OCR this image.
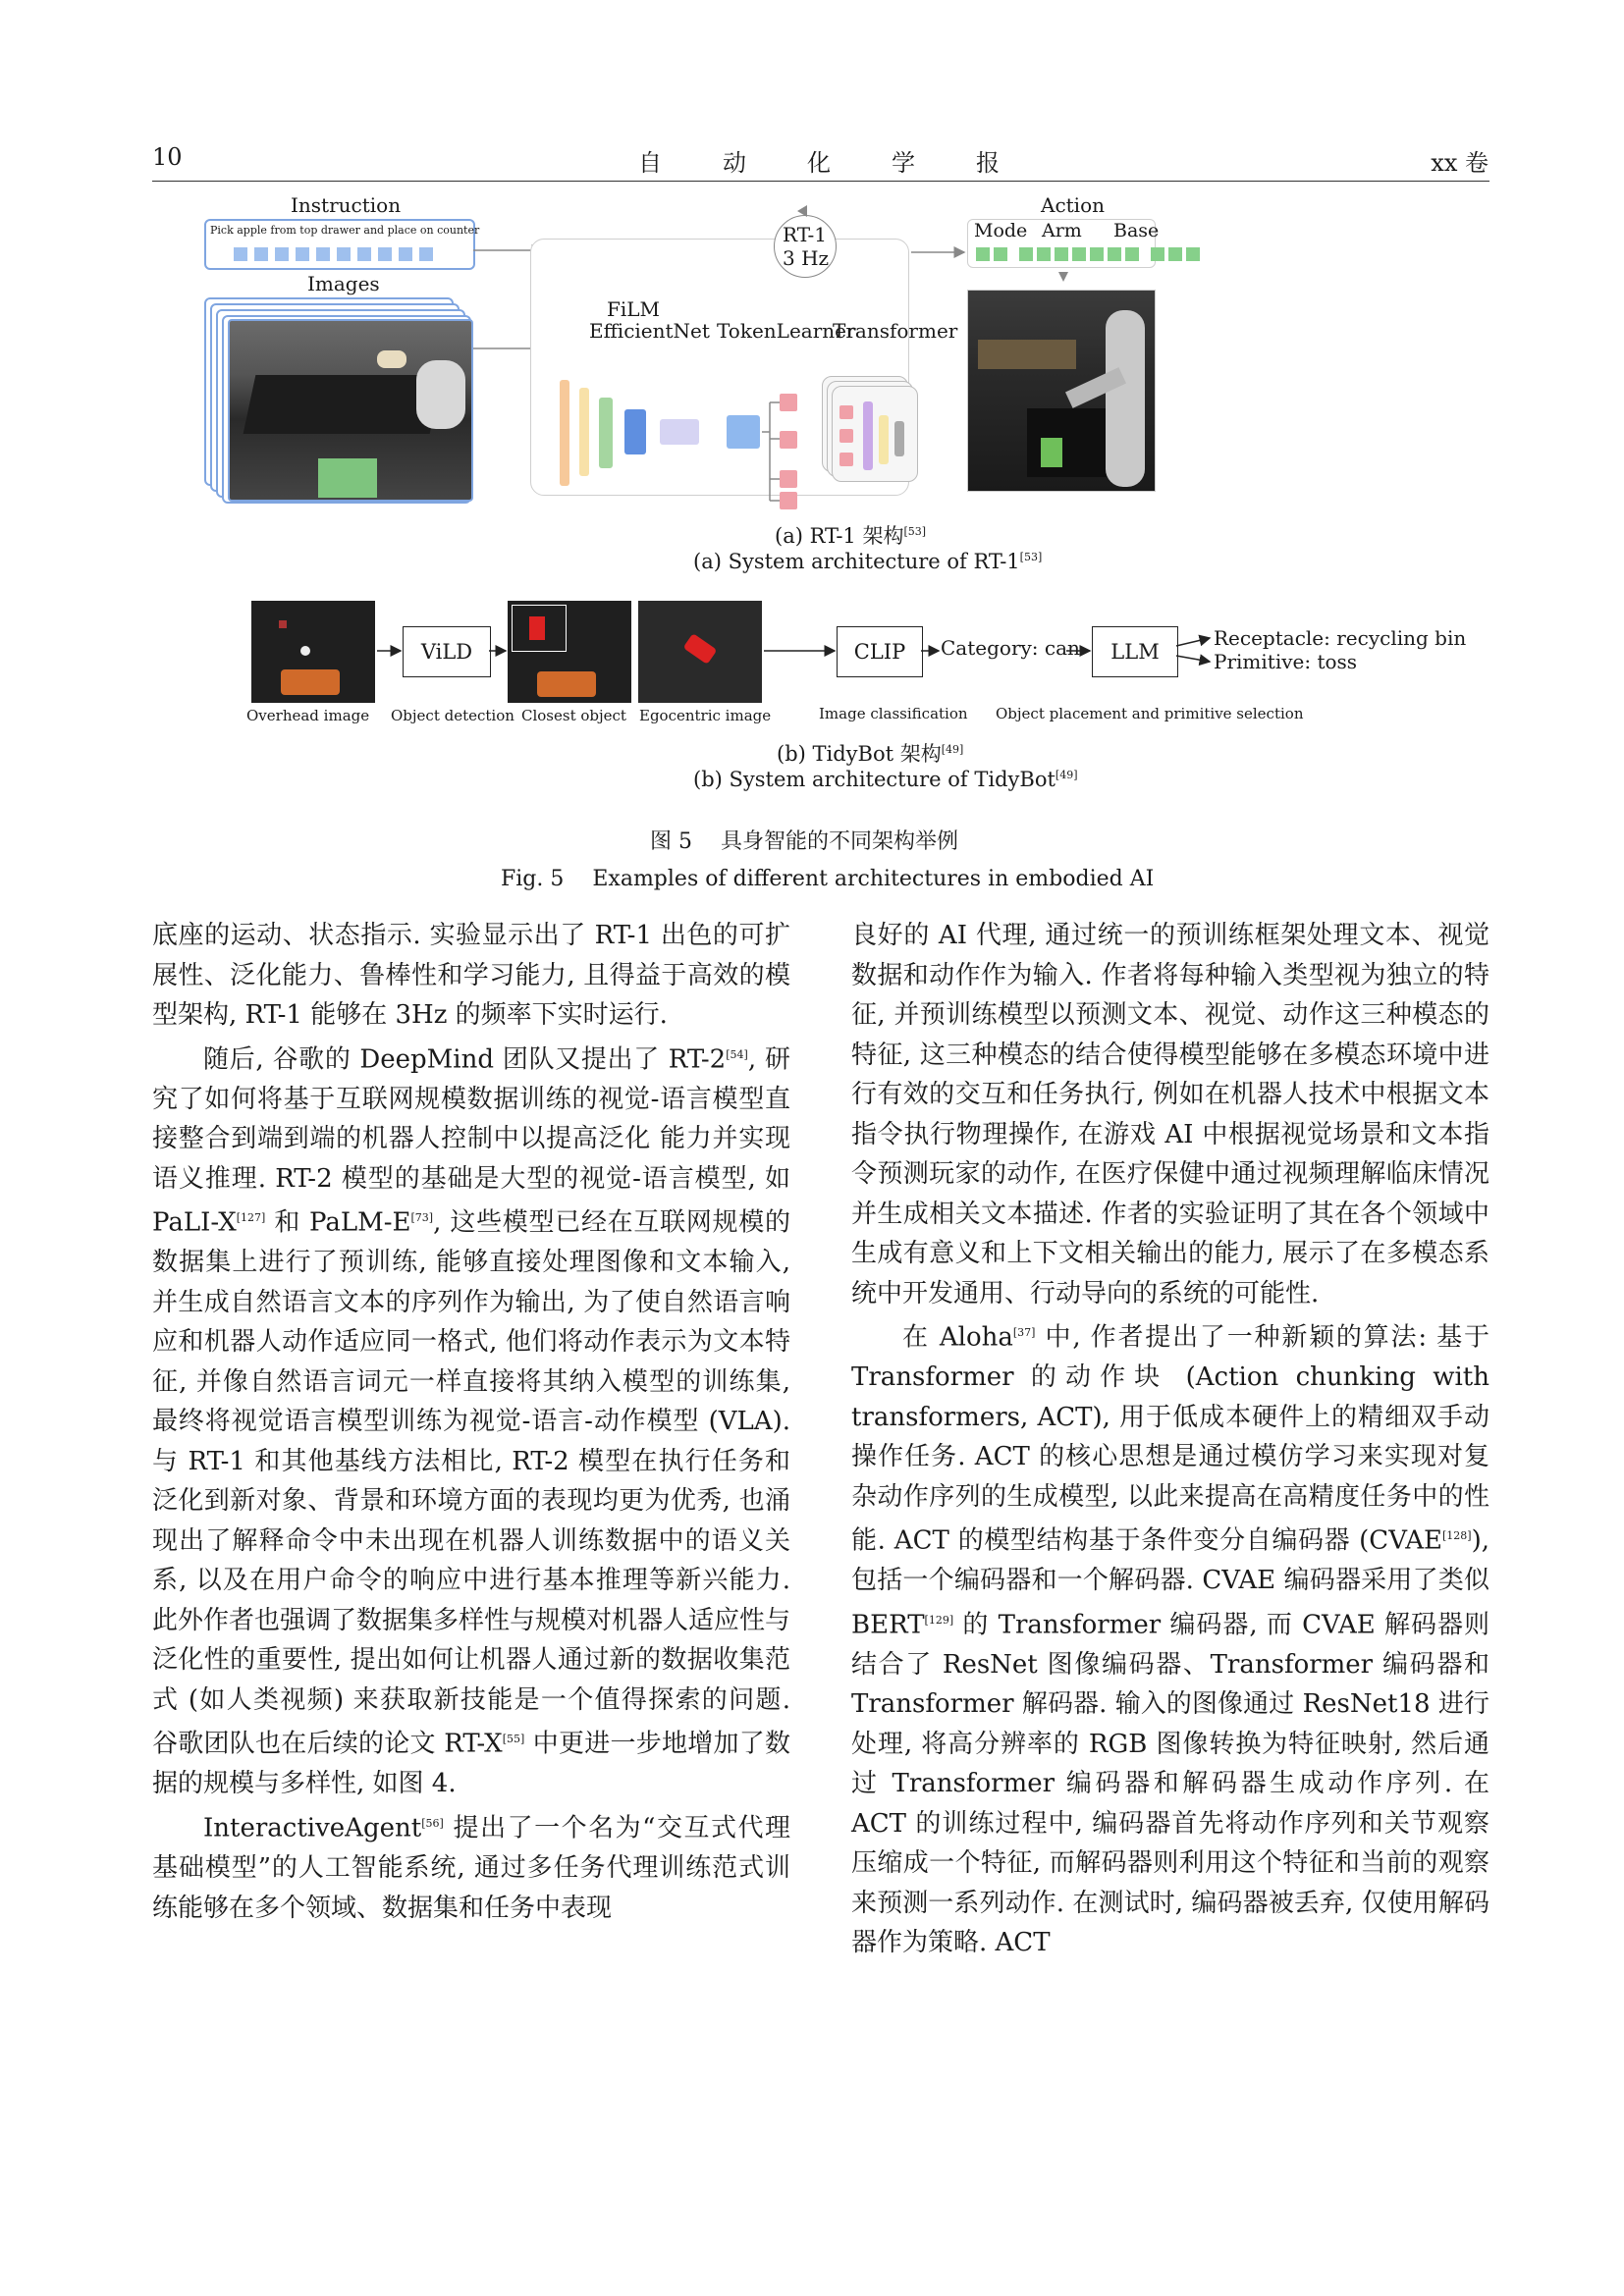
10	自动化学报	xx 卷
Instruction
Pick apple from top drawer and place on counter
Images
RT-1
3 Hz
FiLM
EfficientNet TokenLearner
Transformer
Action
Mode Arm Base
(a) RT-1 架构[53]
(a) System architecture of RT-1[53]
Overhead image
ViLD
Object detection Closest object Egocentric image
CLIP
Image classification
Category: can	LLM
Object placement and primitive selection
Receptacle: recycling bin
Primitive: toss
(b) TidyBot 架构[49]
(b) System architecture of TidyBot[49]
图 5　 具身智能的不同架构举例
Fig. 5　 Examples of different architectures in embodied AI

底座的运动、状态指示. 实验显示出了 RT-1 出色的可扩展性、泛化能力、鲁棒性和学习能力, 且得益于高效的模型架构, RT-1 能够在 3Hz 的频率下实时运行.

随后, 谷歌的 DeepMind 团队又提出了 RT-2[54], 研究了如何将基于互联网规模数据训练的视觉-语言模型直接整合到端到端的机器人控制中以提高泛化 能力并实现语义推理. RT-2 模型的基础是大型的视觉-语言模型, 如 PaLI-X[127] 和 PaLM-E[73], 这些模型已经在互联网规模的数据集上进行了预训练, 能够直接处理图像和文本输入, 并生成自然语言文本的序列作为输出, 为了使自然语言响应和机器人动作适应同一格式, 他们将动作表示为文本特征, 并像自然语言词元一样直接将其纳入模型的训练集, 最终将视觉语言模型训练为视觉-语言-动作模型 (VLA). 与 RT-1 和其他基线方法相比, RT-2 模型在执行任务和泛化到新对象、背景和环境方面的表现均更为优秀, 也涌现出了解释命令中未出现在机器人训练数据中的语义关系, 以及在用户命令的响应中进行基本推理等新兴能力. 此外作者也强调了数据集多样性与规模对机器人适应性与泛化性的重要性, 提出如何让机器人通过新的数据收集范式 (如人类视频) 来获取新技能是一个值得探索的问题. 谷歌团队也在后续的论文 RT-X[55] 中更进一步地增加了数据的规模与多样性, 如图 4.

InteractiveAgent[56] 提出了一个名为“交互式代理基础模型”的人工智能系统, 通过多任务代理训练范式训练能够在多个领域、数据集和任务中表现

良好的 AI 代理, 通过统一的预训练框架处理文本、视觉数据和动作作为输入. 作者将每种输入类型视为独立的特征, 并预训练模型以预测文本、视觉、动作这三种模态的特征, 这三种模态的结合使得模型能够在多模态环境中进行有效的交互和任务执行, 例如在机器人技术中根据文本指令执行物理操作, 在游戏 AI 中根据视觉场景和文本指令预测玩家的动作, 在医疗保健中通过视频理解临床情况并生成相关文本描述. 作者的实验证明了其在各个领域中生成有意义和上下文相关输出的能力, 展示了在多模态系统中开发通用、行动导向的系统的可能性.

在 Aloha[37] 中, 作者提出了一种新颖的算法: 基于 Transformer 的动作块 (Action chunking with transformers, ACT), 用于低成本硬件上的精细双手动操作任务. ACT 的核心思想是通过模仿学习来实现对复杂动作序列的生成模型, 以此来提高在高精度任务中的性能. ACT 的模型结构基于条件变分自编码器 (CVAE[128]), 包括一个编码器和一个解码器. CVAE 编码器采用了类似 BERT[129] 的 Transformer 编码器, 而 CVAE 解码器则结合了 ResNet 图像编码器、Transformer 编码器和 Transformer 解码器. 输入的图像通过 ResNet18 进行处理, 将高分辨率的 RGB 图像转换为特征映射, 然后通过 Transformer 编码器和解码器生成动作序列. 在 ACT 的训练过程中, 编码器首先将动作序列和关节观察压缩成一个特征, 而解码器则利用这个特征和当前的观察来预测一系列动作. 在测试时, 编码器被丢弃, 仅使用解码器作为策略. ACT
